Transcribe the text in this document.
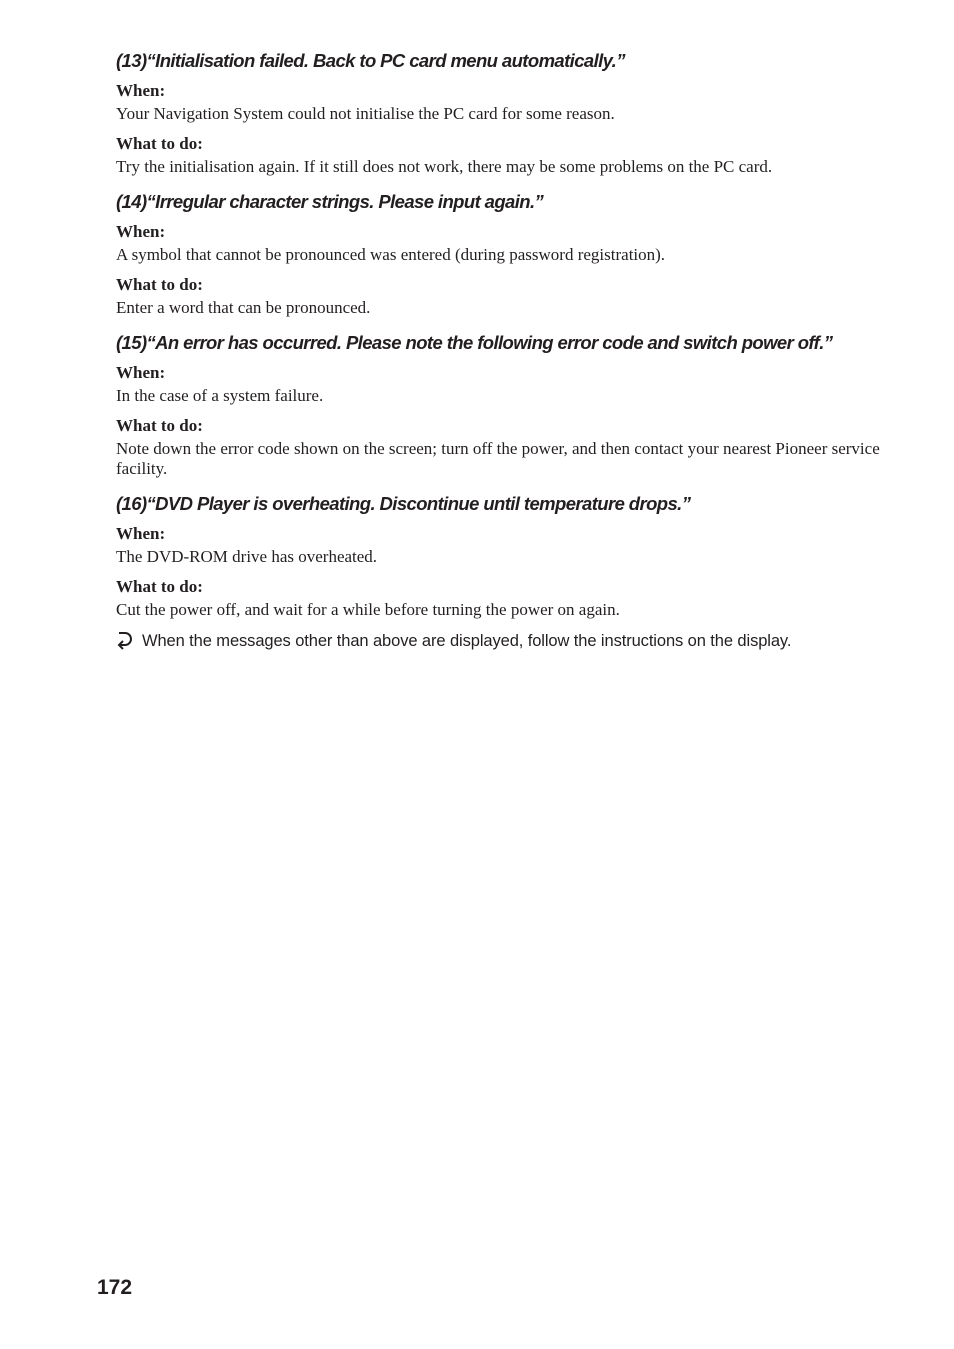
(13)“Initialisation failed. Back to PC card menu automatically.”
When:
Your Navigation System could not initialise the PC card for some reason.
What to do:
Try the initialisation again. If it still does not work, there may be some problems on the PC card.
(14)“Irregular character strings. Please input again.”
When:
A symbol that cannot be pronounced was entered (during password registration).
What to do:
Enter a word that can be pronounced.
(15)“An error has occurred. Please note the following error code and switch power off.”
When:
In the case of a system failure.
What to do:
Note down the error code shown on the screen; turn off the power, and then contact your nearest Pioneer service facility.
(16)“DVD Player is overheating. Discontinue until temperature drops.”
When:
The DVD-ROM drive has overheated.
What to do:
Cut the power off, and wait for a while before turning the power on again.
When the messages other than above are displayed, follow the instructions on the display.
172
